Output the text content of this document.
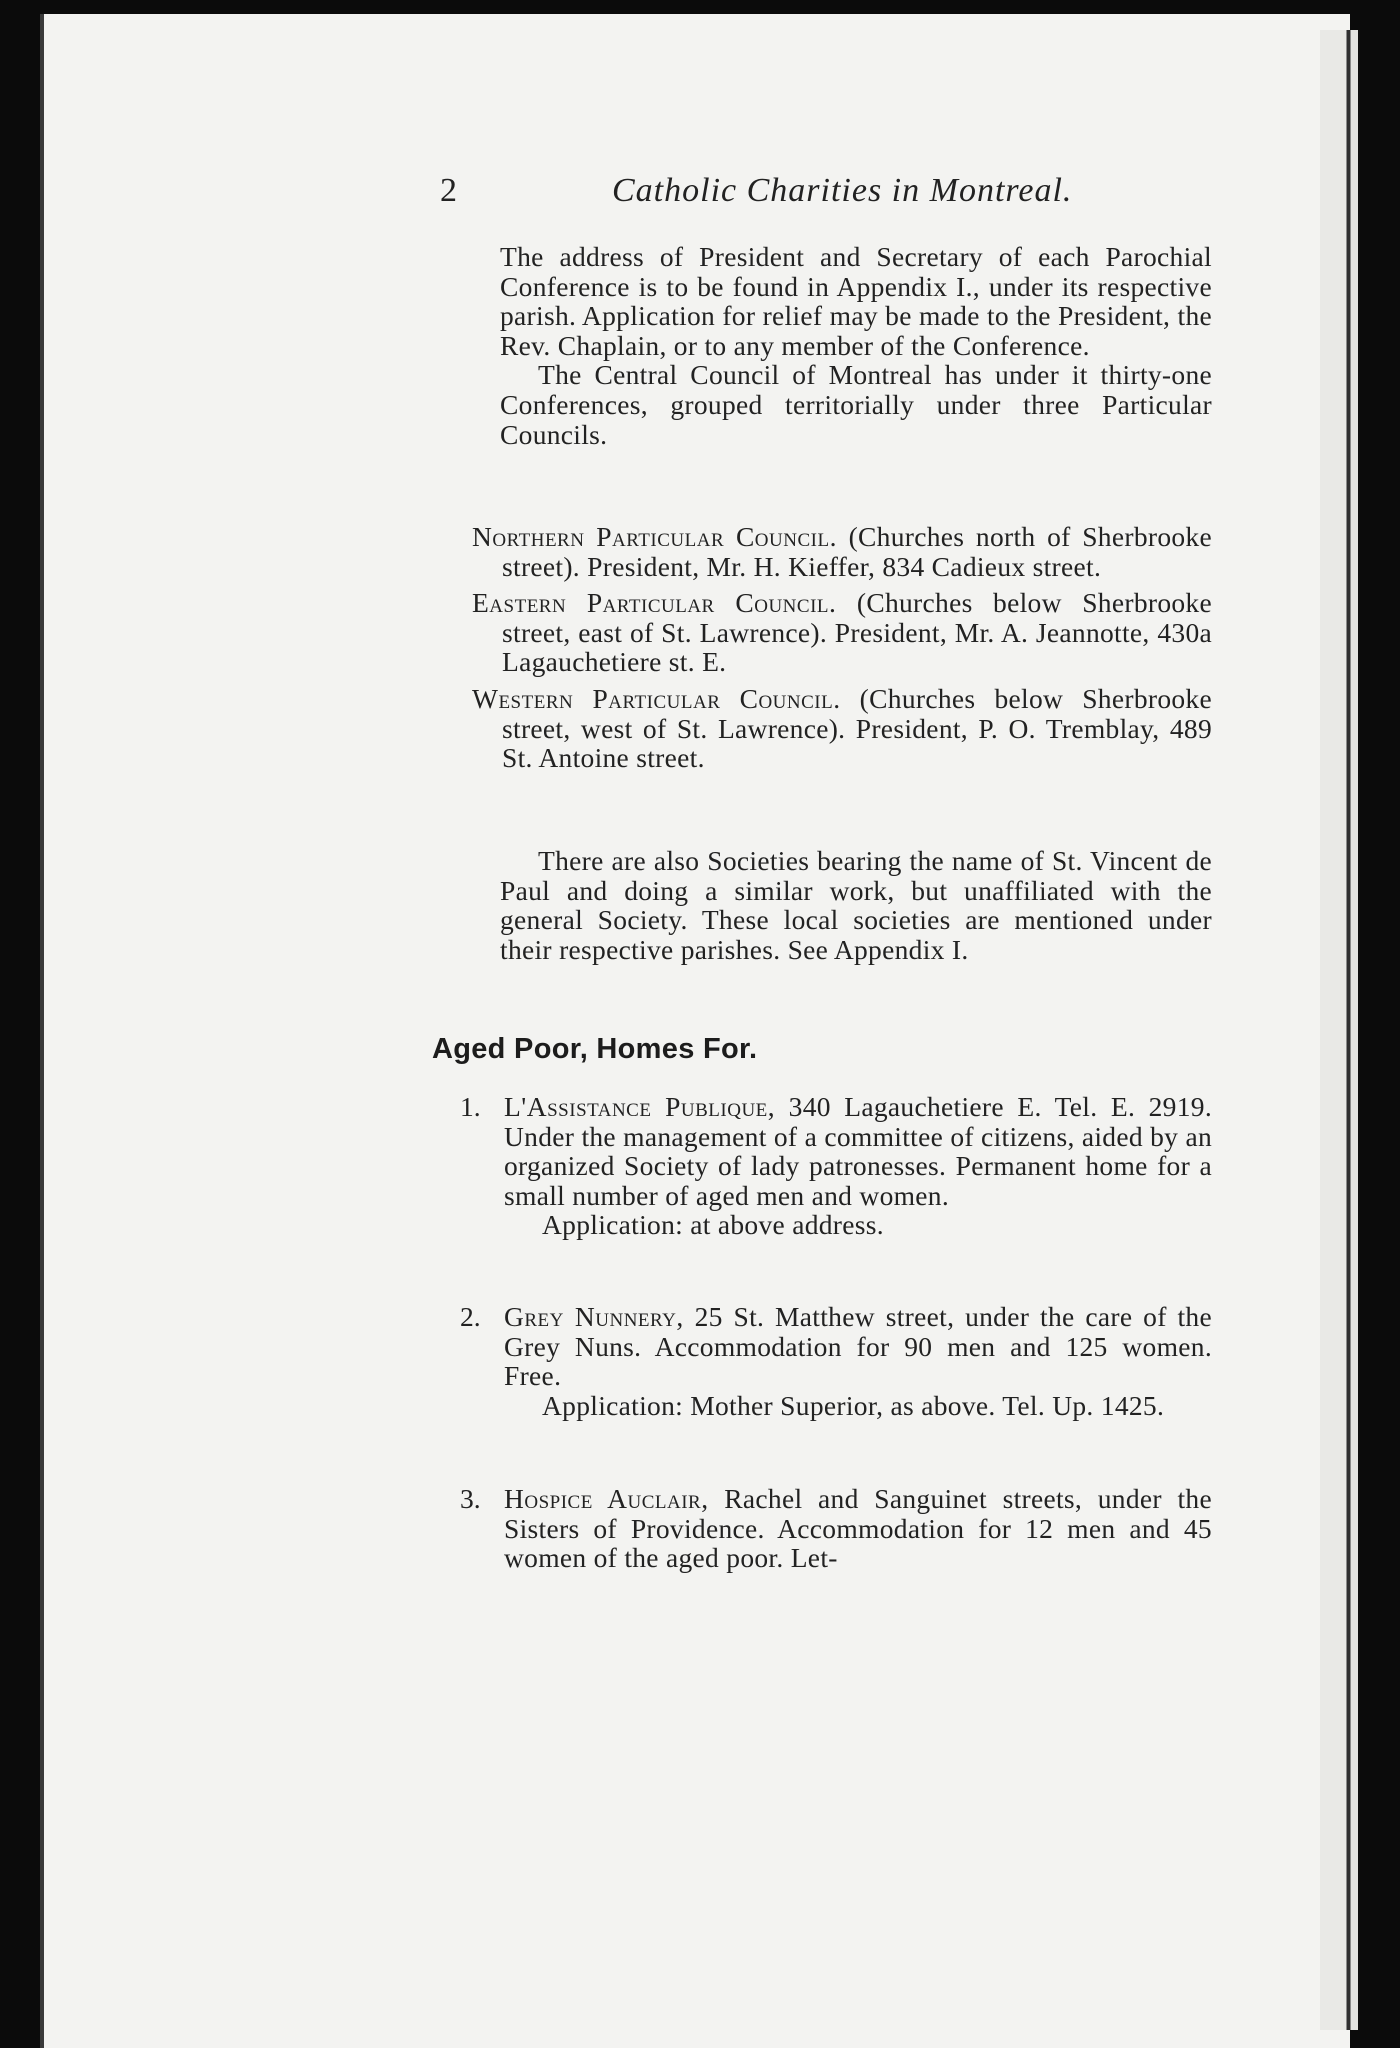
2	Catholic Charities in Montreal.

The address of President and Secretary of each Parochial Conference is to be found in Appendix I., under its respective parish. Application for relief may be made to the President, the Rev. Chaplain, or to any member of the Conference.

The Central Council of Montreal has under it thirty-one Conferences, grouped territorially under three Particular Councils.

Northern Particular Council. (Churches north of Sherbrooke street). President, Mr. H. Kieffer, 834 Cadieux street.

Eastern Particular Council. (Churches below Sherbrooke street, east of St. Lawrence). President, Mr. A. Jeannotte, 430a Lagauchetiere st. E.

Western Particular Council. (Churches below Sherbrooke street, west of St. Lawrence). President, P. O. Tremblay, 489 St. Antoine street.

There are also Societies bearing the name of St. Vincent de Paul and doing a similar work, but unaffiliated with the general Society. These local societies are mentioned under their respective parishes. See Appendix I.

Aged Poor, Homes For.
1. L'Assistance Publique, 340 Lagauchetiere E. Tel. E. 2919. Under the management of a committee of citizens, aided by an organized Society of lady patronesses. Permanent home for a small number of aged men and women.

Application: at above address.

2. Grey Nunnery, 25 St. Matthew street, under the care of the Grey Nuns. Accommodation for 90 men and 125 women. Free.

Application: Mother Superior, as above. Tel. Up. 1425.

3. Hospice Auclair, Rachel and Sanguinet streets, under the Sisters of Providence. Accommodation for 12 men and 45 women of the aged poor. Let-
